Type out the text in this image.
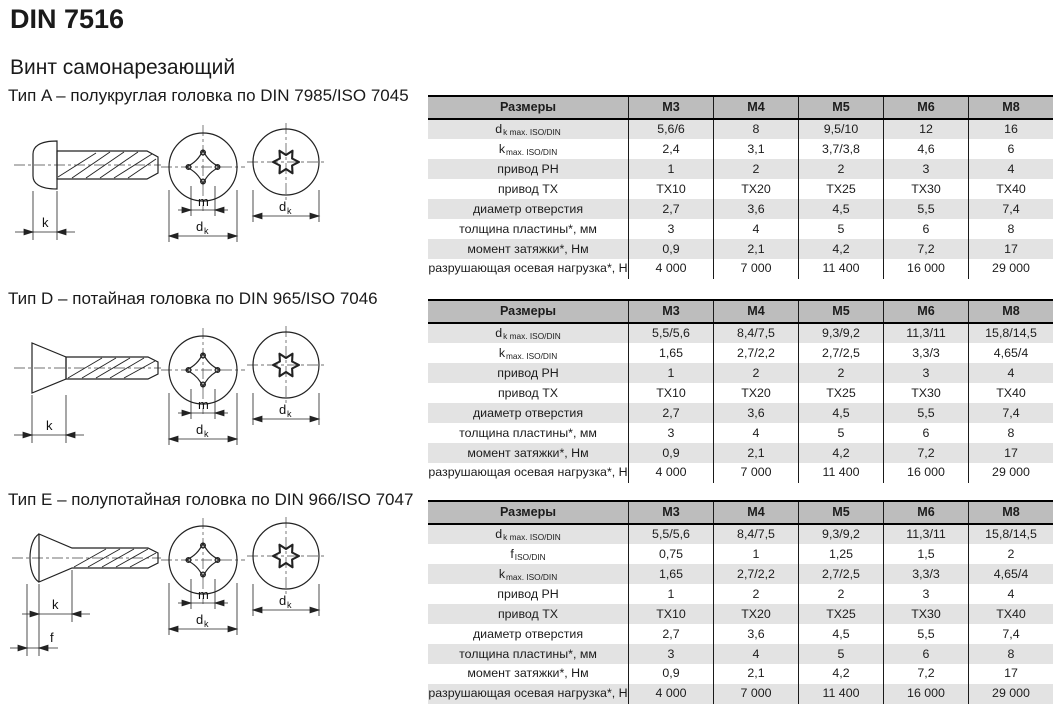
DIN 7516
Винт самонарезающий
Тип A – полукруглая головка по DIN 7985/ISO 7045
Тип D – потайная головка по DIN 965/ISO 7046
Тип E – полупотайная головка по DIN 966/ISO 7047
k
m
d k
d k
k
m
d k
d k
k
f
m
d k
d k
Размеры	M3	M4	M5	M6	M8
d k max. ISO/DIN	5,6/6	8	9,5/10	12	16
k max. ISO/DIN	2,4	3,1	3,7/3,8	4,6	6
привод PH	1	2	2	3	4
привод TX	TX10	TX20	TX25	TX30	TX40
диаметр отверстия	2,7	3,6	4,5	5,5	7,4
толщина пластины*, мм	3	4	5	6	8
момент затяжки*, Нм	0,9	2,1	4,2	7,2	17
разрушающая осевая нагрузка*, Н	4 000	7 000	11 400	16 000	29 000
Размеры	M3	M4	M5	M6	M8
d k max. ISO/DIN	5,5/5,6	8,4/7,5	9,3/9,2	11,3/11	15,8/14,5
k max. ISO/DIN	1,65	2,7/2,2	2,7/2,5	3,3/3	4,65/4
привод PH	1	2	2	3	4
привод TX	TX10	TX20	TX25	TX30	TX40
диаметр отверстия	2,7	3,6	4,5	5,5	7,4
толщина пластины*, мм	3	4	5	6	8
момент затяжки*, Нм	0,9	2,1	4,2	7,2	17
разрушающая осевая нагрузка*, Н	4 000	7 000	11 400	16 000	29 000
Размеры	M3	M4	M5	M6	M8
d k max. ISO/DIN	5,5/5,6	8,4/7,5	9,3/9,2	11,3/11	15,8/14,5
f ISO/DIN	0,75	1	1,25	1,5	2
k max. ISO/DIN	1,65	2,7/2,2	2,7/2,5	3,3/3	4,65/4
привод PH	1	2	2	3	4
привод TX	TX10	TX20	TX25	TX30	TX40
диаметр отверстия	2,7	3,6	4,5	5,5	7,4
толщина пластины*, мм	3	4	5	6	8
момент затяжки*, Нм	0,9	2,1	4,2	7,2	17
разрушающая осевая нагрузка*, Н	4 000	7 000	11 400	16 000	29 000
